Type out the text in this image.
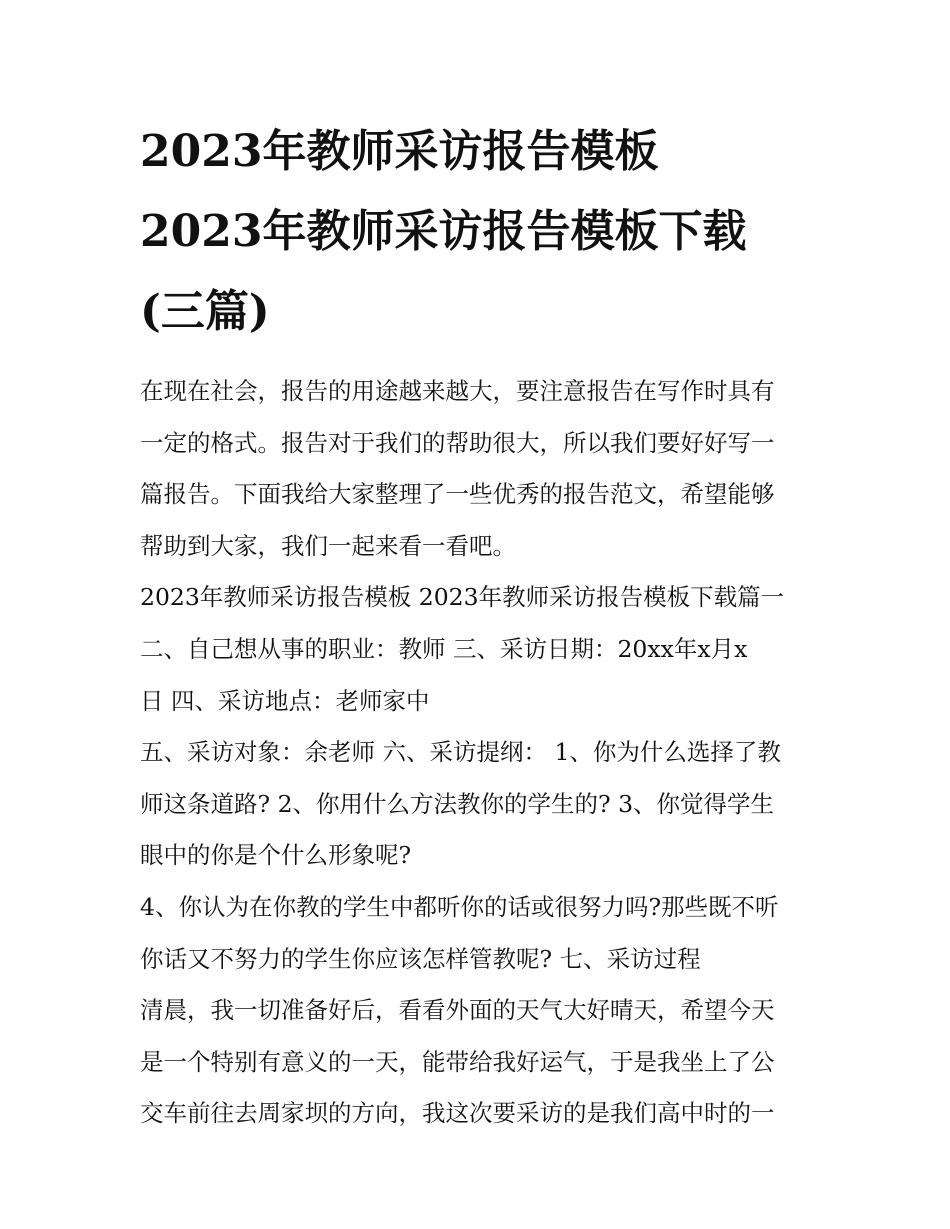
2023年教师采访报告模板
2023年教师采访报告模板下载
(三篇)

在现在社会，报告的用途越来越大，要注意报告在写作时具有
一定的格式。报告对于我们的帮助很大，所以我们要好好写一
篇报告。下面我给大家整理了一些优秀的报告范文，希望能够
帮助到大家，我们一起来看一看吧。

2023年教师采访报告模板 2023年教师采访报告模板下载篇一
二、自己想从事的职业：教师 三、采访日期：20xx年x月x
日 四、采访地点：老师家中

五、采访对象：余老师 六、采访提纲： 1、你为什么选择了教
师这条道路? 2、你用什么方法教你的学生的? 3、你觉得学生
眼中的你是个什么形象呢?

4、你认为在你教的学生中都听你的话或很努力吗?那些既不听
你话又不努力的学生你应该怎样管教呢? 七、采访过程

清晨，我一切准备好后，看看外面的天气大好晴天，希望今天
是一个特别有意义的一天，能带给我好运气，于是我坐上了公
交车前往去周家坝的方向，我这次要采访的是我们高中时的一
